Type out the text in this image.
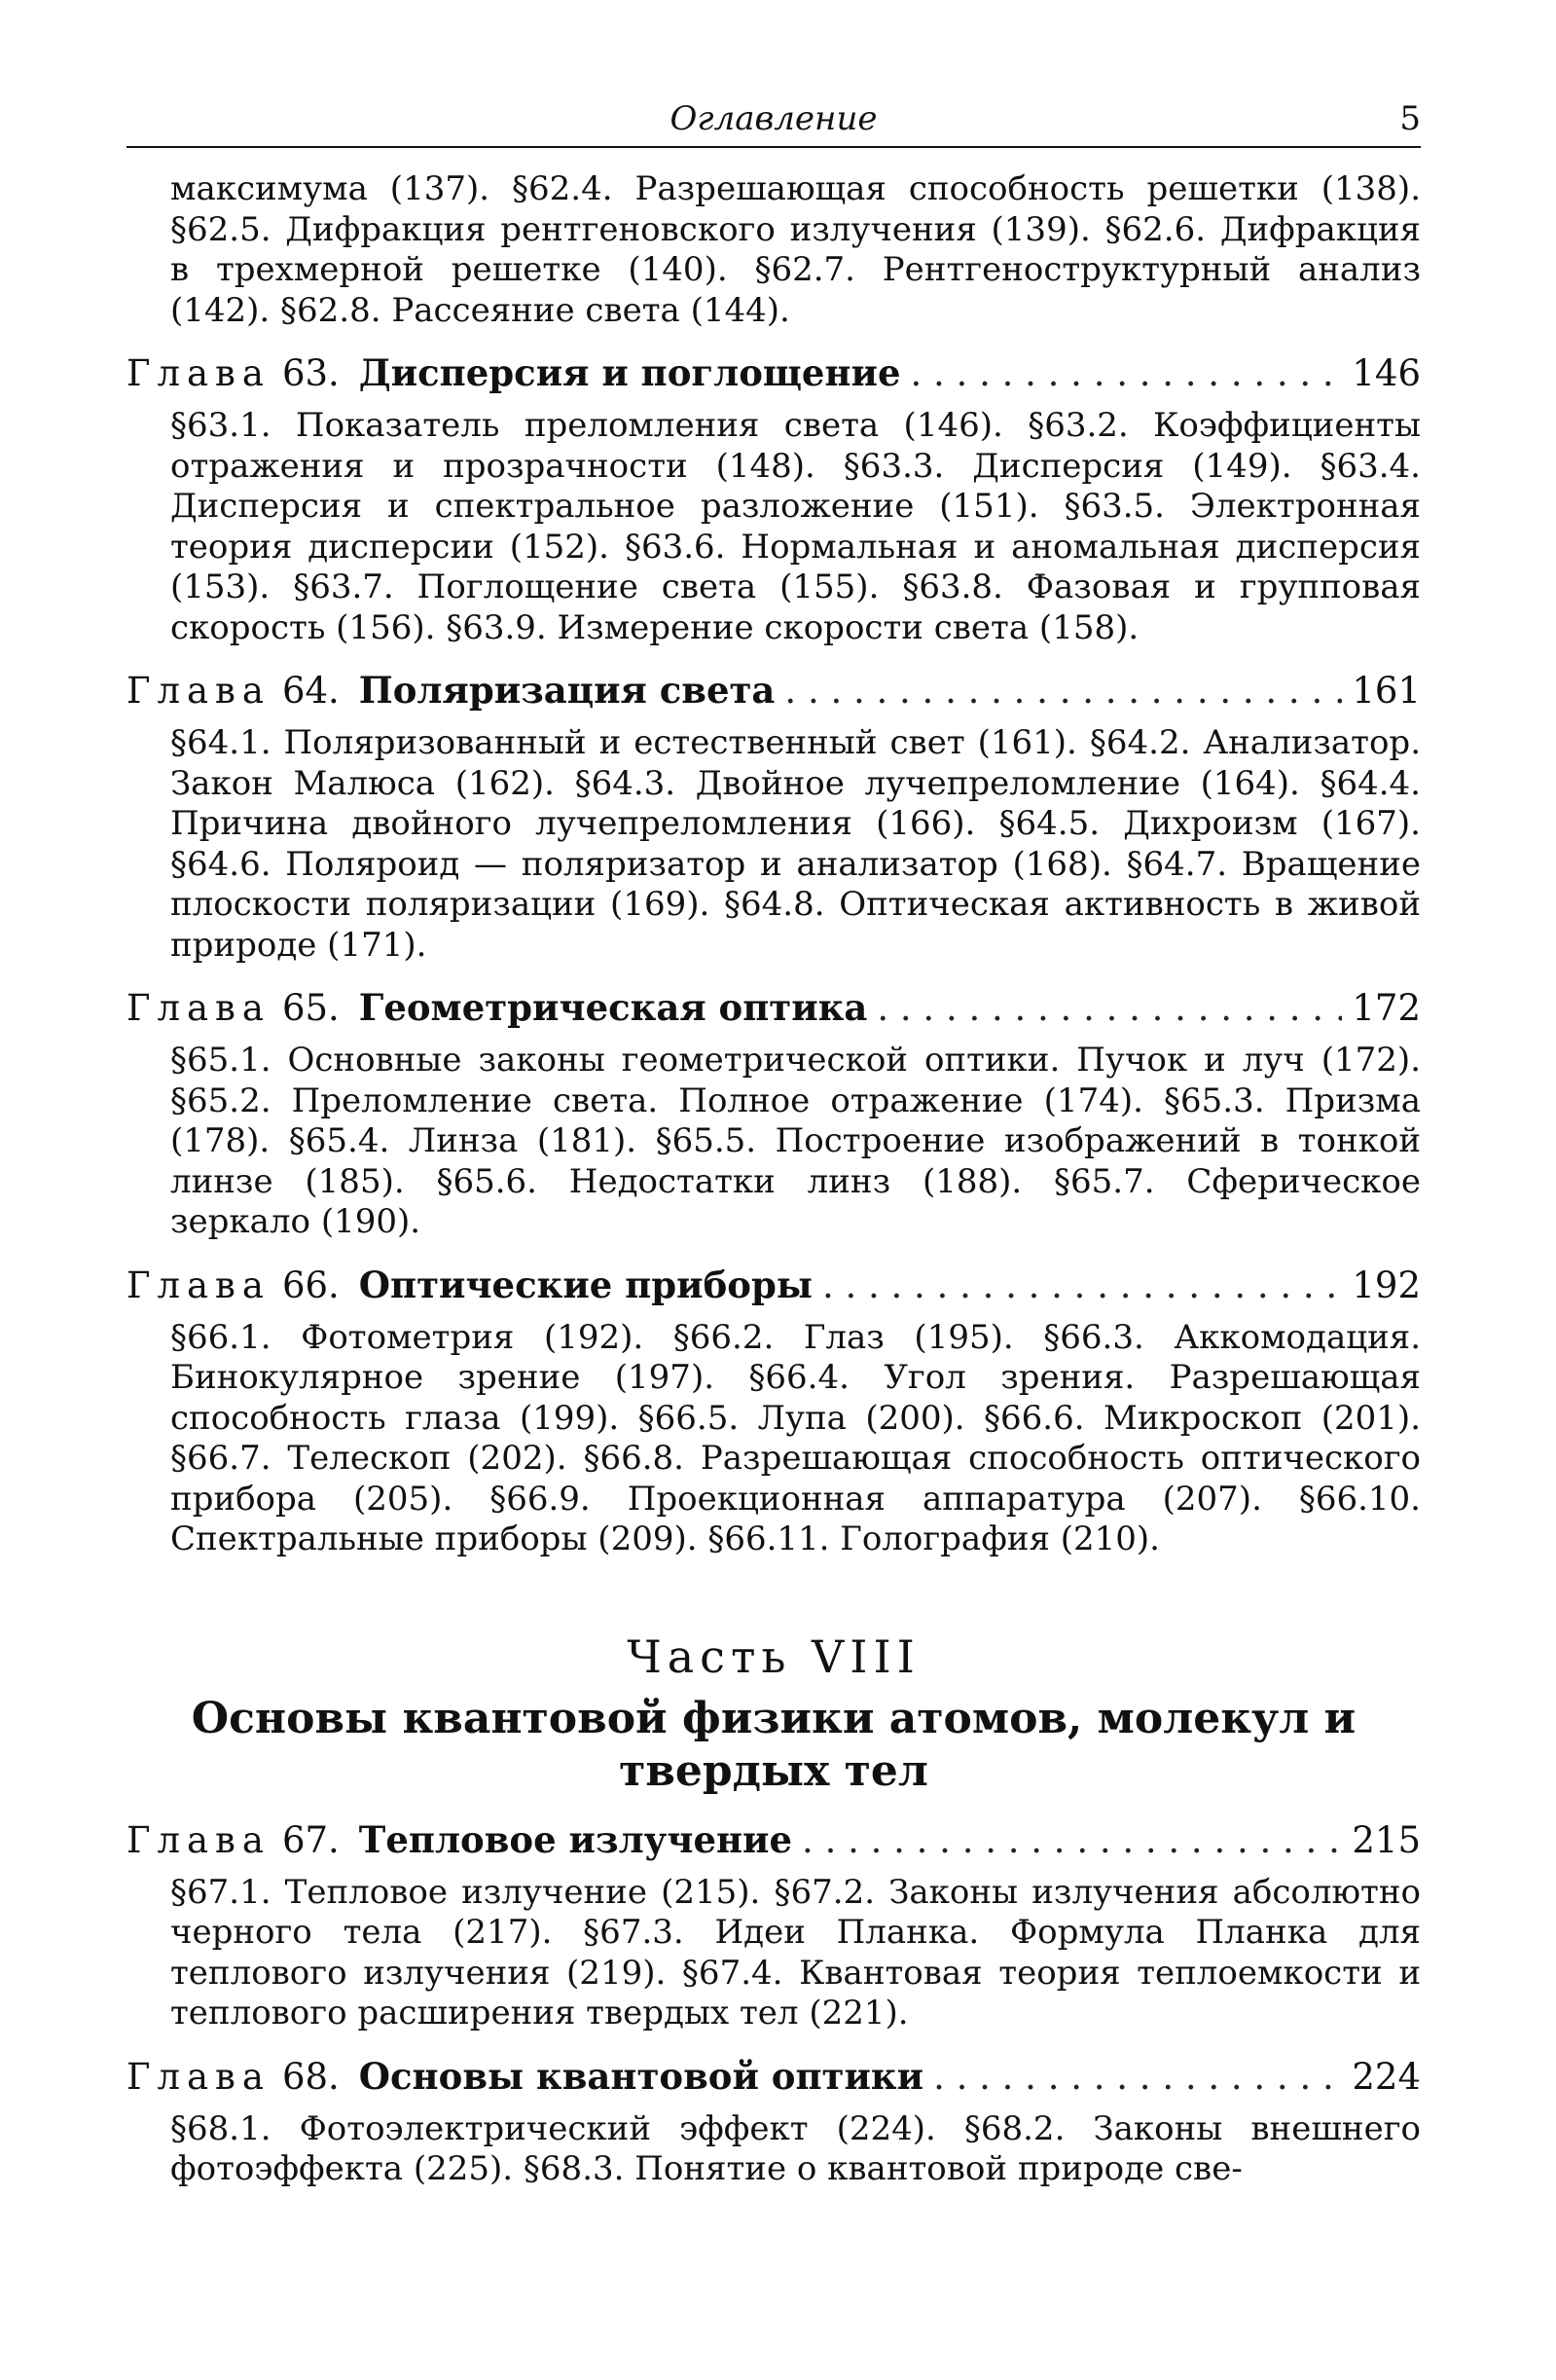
Оглавление	5

максимума (137). §62.4. Разрешающая способность решетки (138). §62.5. Дифракция рентгеновского излучения (139). §62.6. Дифракция в трехмерной решетке (140). §62.7. Рентгеноструктурный анализ (142). §62.8. Рассеяние света (144).

Глава 63. Дисперсия и поглощение . . .	146

§63.1. Показатель преломления света (146). §63.2. Коэффициенты отражения и прозрачности (148). §63.3. Дисперсия (149). §63.4. Дисперсия и спектральное разложение (151). §63.5. Электронная теория дисперсии (152). §63.6. Нормальная и аномальная дисперсия (153). §63.7. Поглощение света (155). §63.8. Фазовая и групповая скорость (156). §63.9. Измерение скорости света (158).

Глава 64. Поляризация света . . .	161

§64.1. Поляризованный и естественный свет (161). §64.2. Анализатор. Закон Малюса (162). §64.3. Двойное лучепреломление (164). §64.4. Причина двойного лучепреломления (166). §64.5. Дихроизм (167). §64.6. Поляроид — поляризатор и анализатор (168). §64.7. Вращение плоскости поляризации (169). §64.8. Оптическая активность в живой природе (171).

Глава 65. Геометрическая оптика . . .	172

§65.1. Основные законы геометрической оптики. Пучок и луч (172). §65.2. Преломление света. Полное отражение (174). §65.3. Призма (178). §65.4. Линза (181). §65.5. Построение изображений в тонкой линзе (185). §65.6. Недостатки линз (188). §65.7. Сферическое зеркало (190).

Глава 66. Оптические приборы . . .	192

§66.1. Фотометрия (192). §66.2. Глаз (195). §66.3. Аккомодация. Бинокулярное зрение (197). §66.4. Угол зрения. Разрешающая способность глаза (199). §66.5. Лупа (200). §66.6. Микроскоп (201). §66.7. Телескоп (202). §66.8. Разрешающая способность оптического прибора (205). §66.9. Проекционная аппаратура (207). §66.10. Спектральные приборы (209). §66.11. Голография (210).

Часть VIII
Основы квантовой физики атомов, молекул и твердых тел
Глава 67. Тепловое излучение . . .	215

§67.1. Тепловое излучение (215). §67.2. Законы излучения абсолютно черного тела (217). §67.3. Идеи Планка. Формула Планка для теплового излучения (219). §67.4. Квантовая теория теплоемкости и теплового расширения твердых тел (221).

Глава 68. Основы квантовой оптики . . .	224

§68.1. Фотоэлектрический эффект (224). §68.2. Законы внешнего фотоэффекта (225). §68.3. Понятие о квантовой природе све-
